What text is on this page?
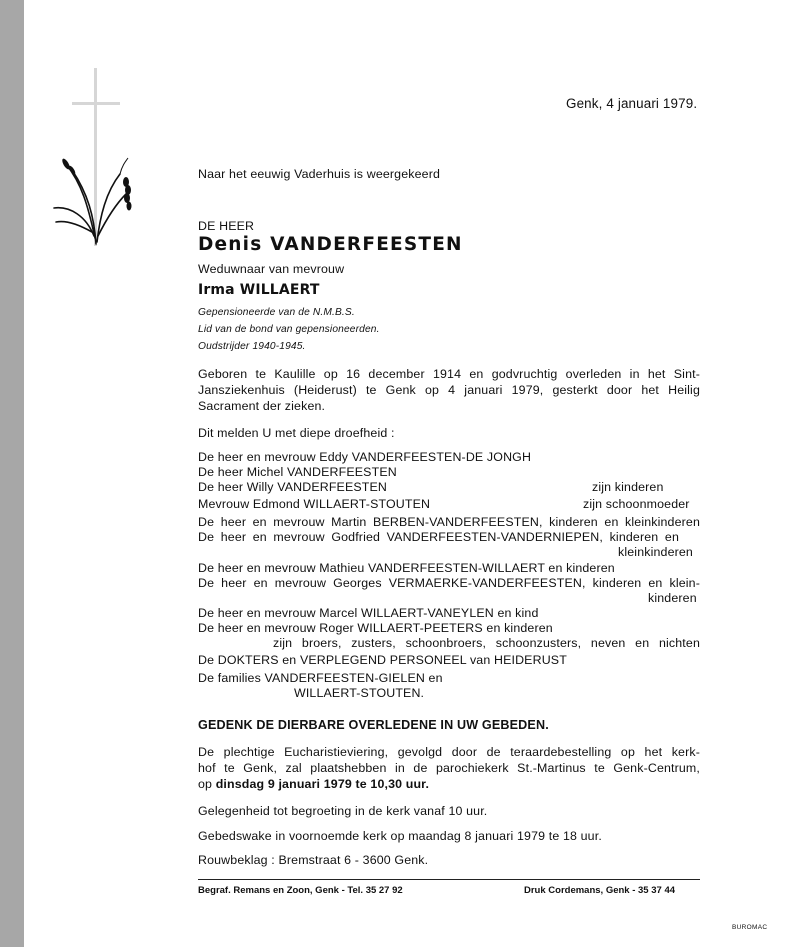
Genk, 4 januari 1979.
Naar het eeuwig Vaderhuis is weergekeerd
DE HEER
Denis VANDERFEESTEN
Weduwnaar van mevrouw
Irma WILLAERT
Gepensioneerde van de N.M.B.S.
Lid van de bond van gepensioneerden.
Oudstrijder 1940-1945.
Geboren te Kaulille op 16 december 1914 en godvruchtig overleden in het Sint-
Jansziekenhuis (Heiderust) te Genk op 4 januari 1979, gesterkt door het Heilig
Sacrament der zieken.
Dit melden U met diepe droefheid :
De heer en mevrouw Eddy VANDERFEESTEN-DE JONGH
De heer Michel VANDERFEESTEN
De heer Willy VANDERFEESTEN	zijn kinderen
Mevrouw Edmond WILLAERT-STOUTEN	zijn schoonmoeder
De heer en mevrouw Martin BERBEN-VANDERFEESTEN, kinderen en kleinkinderen
De heer en mevrouw Godfried VANDERFEESTEN-VANDERNIEPEN, kinderen en
kleinkinderen
De heer en mevrouw Mathieu VANDERFEESTEN-WILLAERT en kinderen
De heer en mevrouw Georges VERMAERKE-VANDERFEESTEN, kinderen en klein-
kinderen
De heer en mevrouw Marcel WILLAERT-VANEYLEN en kind
De heer en mevrouw Roger WILLAERT-PEETERS en kinderen
zijn broers, zusters, schoonbroers, schoonzusters, neven en nichten
De DOKTERS en VERPLEGEND PERSONEEL van HEIDERUST
De families VANDERFEESTEN-GIELEN en
WILLAERT-STOUTEN.
GEDENK DE DIERBARE OVERLEDENE IN UW GEBEDEN.
De plechtige Eucharistieviering, gevolgd door de teraardebestelling op het kerk-
hof te Genk, zal plaatshebben in de parochiekerk St.-Martinus te Genk-Centrum,
op dinsdag 9 januari 1979 te 10,30 uur.
Gelegenheid tot begroeting in de kerk vanaf 10 uur.
Gebedswake in voornoemde kerk op maandag 8 januari 1979 te 18 uur.
Rouwbeklag : Bremstraat 6 - 3600 Genk.
Begraf. Remans en Zoon, Genk - Tel. 35 27 92	Druk Cordemans, Genk - 35 37 44
BUROMAC
